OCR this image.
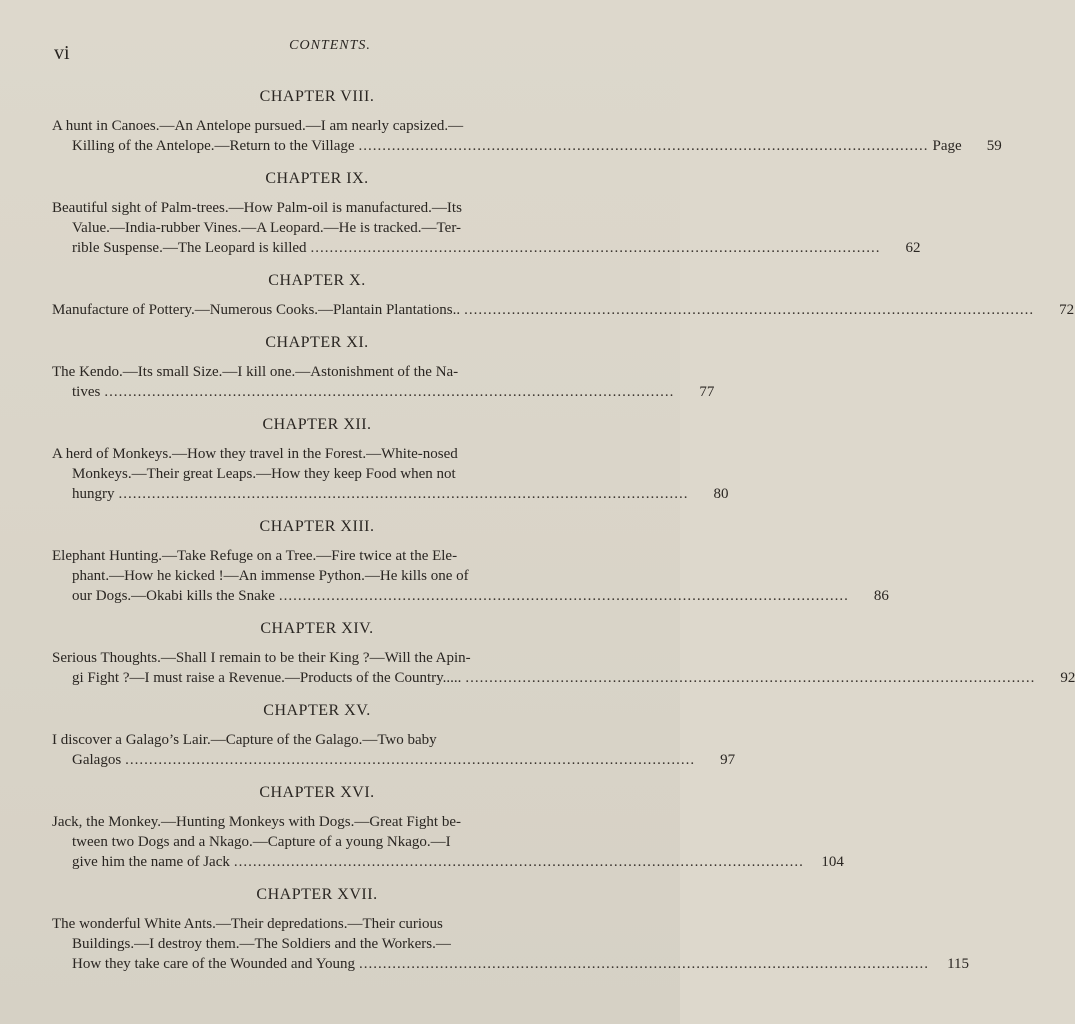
vi	CONTENTS.
CHAPTER VIII.
A hunt in Canoes.—An Antelope pursued.—I am nearly capsized.—
Killing of the Antelope.—Return to the Village ........................................................................................................................ Page	59
CHAPTER IX.
Beautiful sight of Palm-trees.—How Palm-oil is manufactured.—Its
Value.—India-rubber Vines.—A Leopard.—He is tracked.—Ter-
rible Suspense.—The Leopard is killed ........................................................................................................................	62
CHAPTER X.
Manufacture of Pottery.—Numerous Cooks.—Plantain Plantations.. ........................................................................................................................	72
CHAPTER XI.
The Kendo.—Its small Size.—I kill one.—Astonishment of the Na-
tives ........................................................................................................................	77
CHAPTER XII.
A herd of Monkeys.—How they travel in the Forest.—White-nosed
Monkeys.—Their great Leaps.—How they keep Food when not
hungry ........................................................................................................................	80
CHAPTER XIII.
Elephant Hunting.—Take Refuge on a Tree.—Fire twice at the Ele-
phant.—How he kicked !—An immense Python.—He kills one of
our Dogs.—Okabi kills the Snake ........................................................................................................................	86
CHAPTER XIV.
Serious Thoughts.—Shall I remain to be their King ?—Will the Apin-
gi Fight ?—I must raise a Revenue.—Products of the Country..... ........................................................................................................................	92
CHAPTER XV.
I discover a Galago’s Lair.—Capture of the Galago.—Two baby
Galagos ........................................................................................................................	97
CHAPTER XVI.
Jack, the Monkey.—Hunting Monkeys with Dogs.—Great Fight be-
tween two Dogs and a Nkago.—Capture of a young Nkago.—I
give him the name of Jack ........................................................................................................................	104
CHAPTER XVII.
The wonderful White Ants.—Their depredations.—Their curious
Buildings.—I destroy them.—The Soldiers and the Workers.—
How they take care of the Wounded and Young ........................................................................................................................	115
